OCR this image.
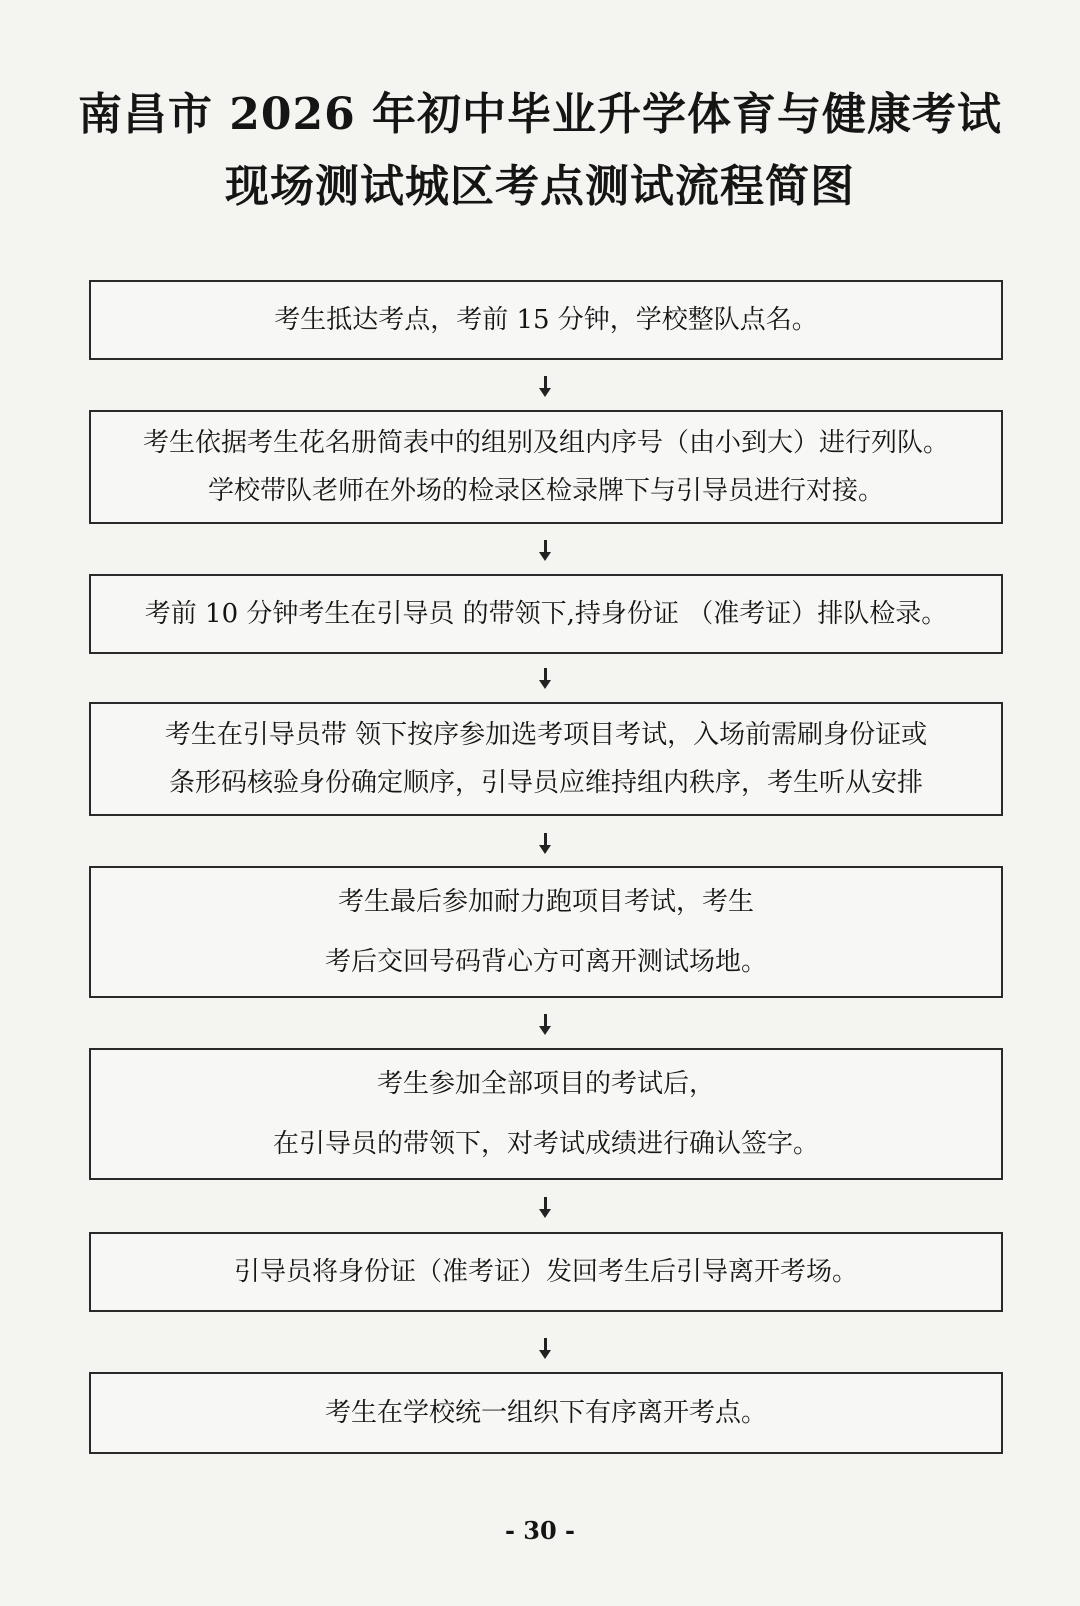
南昌市 2026 年初中毕业升学体育与健康考试
现场测试城区考点测试流程简图
考生抵达考点，考前 15 分钟，学校整队点名。
考生依据考生花名册简表中的组别及组内序号（由小到大）进行列队。
学校带队老师在外场的检录区检录牌下与引导员进行对接。
考前 10 分钟考生在引导员 的带领下,持身份证 （准考证）排队检录。
考生在引导员带 领下按序参加选考项目考试，入场前需刷身份证或
条形码核验身份确定顺序，引导员应维持组内秩序，考生听从安排
考生最后参加耐力跑项目考试，考生
考后交回号码背心方可离开测试场地。
考生参加全部项目的考试后，
在引导员的带领下，对考试成绩进行确认签字。
引导员将身份证（准考证）发回考生后引导离开考场。
考生在学校统一组织下有序离开考点。
- 30 -
